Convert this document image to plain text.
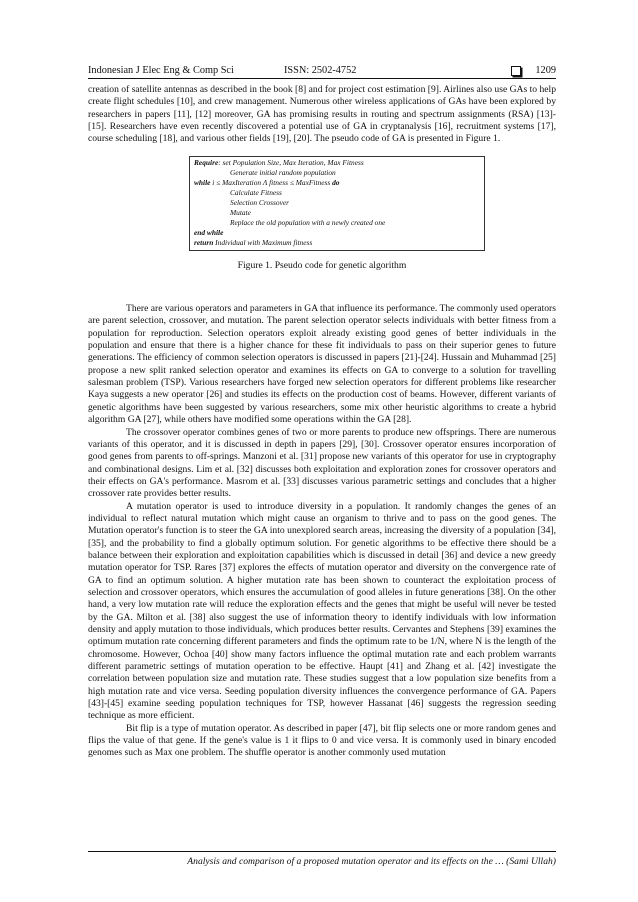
Indonesian J Elec Eng & Comp Sci	ISSN: 2502-4752	1209

creation of satellite antennas as described in the book [8] and for project cost estimation [9]. Airlines also use GAs to help create flight schedules [10], and crew management. Numerous other wireless applications of GAs have been explored by researchers in papers [11], [12] moreover, GA has promising results in routing and spectrum assignments (RSA) [13]-[15]. Researchers have even recently discovered a potential use of GA in cryptanalysis [16], recruitment systems [17], course scheduling [18], and various other fields [19], [20]. The pseudo code of GA is presented in Figure 1.

Require: set Population Size, Max Iteration, Max Fitness
Generate initial random population
while i ≤ MaxIteration Λ fitness ≤ MaxFitness do
Calculate Fitness
Selection Crossover
Mutate
Replace the old population with a newly created one
end while
return Individual with Maximum fitness
Figure 1. Pseudo code for genetic algorithm

There are various operators and parameters in GA that influence its performance. The commonly used operators are parent selection, crossover, and mutation. The parent selection operator selects individuals with better fitness from a population for reproduction. Selection operators exploit already existing good genes of better individuals in the population and ensure that there is a higher chance for these fit individuals to pass on their superior genes to future generations. The efficiency of common selection operators is discussed in papers [21]-[24]. Hussain and Muhammad [25] propose a new split ranked selection operator and examines its effects on GA to converge to a solution for travelling salesman problem (TSP). Various researchers have forged new selection operators for different problems like researcher Kaya suggests a new operator [26] and studies its effects on the production cost of beams. However, different variants of genetic algorithms have been suggested by various researchers, some mix other heuristic algorithms to create a hybrid algorithm GA [27], while others have modified some operations within the GA [28].

The crossover operator combines genes of two or more parents to produce new offsprings. There are numerous variants of this operator, and it is discussed in depth in papers [29], [30]. Crossover operator ensures incorporation of good genes from parents to off-springs. Manzoni et al. [31] propose new variants of this operator for use in cryptography and combinational designs. Lim et al. [32] discusses both exploitation and exploration zones for crossover operators and their effects on GA's performance. Masrom et al. [33] discusses various parametric settings and concludes that a higher crossover rate provides better results.

A mutation operator is used to introduce diversity in a population. It randomly changes the genes of an individual to reflect natural mutation which might cause an organism to thrive and to pass on the good genes. The Mutation operator's function is to steer the GA into unexplored search areas, increasing the diversity of a population [34], [35], and the probability to find a globally optimum solution. For genetic algorithms to be effective there should be a balance between their exploration and exploitation capabilities which is discussed in detail [36] and device a new greedy mutation operator for TSP. Rares [37] explores the effects of mutation operator and diversity on the convergence rate of GA to find an optimum solution. A higher mutation rate has been shown to counteract the exploitation process of selection and crossover operators, which ensures the accumulation of good alleles in future generations [38]. On the other hand, a very low mutation rate will reduce the exploration effects and the genes that might be useful will never be tested by the GA. Milton et al. [38] also suggest the use of information theory to identify individuals with low information density and apply mutation to those individuals, which produces better results. Cervantes and Stephens [39] examines the optimum mutation rate concerning different parameters and finds the optimum rate to be 1/N, where N is the length of the chromosome. However, Ochoa [40] show many factors influence the optimal mutation rate and each problem warrants different parametric settings of mutation operation to be effective. Haupt [41] and Zhang et al. [42] investigate the correlation between population size and mutation rate. These studies suggest that a low population size benefits from a high mutation rate and vice versa. Seeding population diversity influences the convergence performance of GA. Papers [43]-[45] examine seeding population techniques for TSP, however Hassanat [46] suggests the regression seeding technique as more efficient.

Bit flip is a type of mutation operator. As described in paper [47], bit flip selects one or more random genes and flips the value of that gene. If the gene's value is 1 it flips to 0 and vice versa. It is commonly used in binary encoded genomes such as Max one problem. The shuffle operator is another commonly used mutation

Analysis and comparison of a proposed mutation operator and its effects on the … (Sami Ullah)
